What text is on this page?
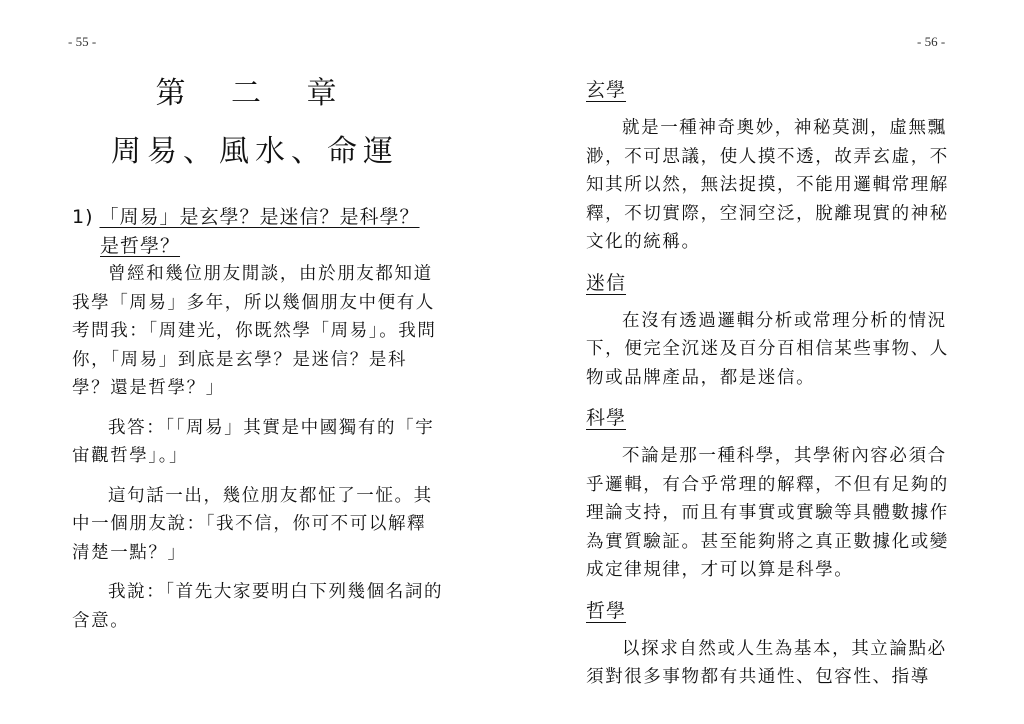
- 55 -
第 二 章
周易、風水、命運
1) 「周易」是玄學？是迷信？是科學？
是哲學？

曾經和幾位朋友閒談，由於朋友都知道我學「周易」多年，所以幾個朋友中便有人考問我：「周建光，你既然學「周易」。我問你，「周易」到底是玄學？是迷信？是科學？還是哲學？」

我答：「「周易」其實是中國獨有的「宇宙觀哲學」。」

這句話一出，幾位朋友都怔了一怔。其中一個朋友說：「我不信，你可不可以解釋清楚一點？」

我說：「首先大家要明白下列幾個名詞的含意。

- 56 -
玄學

就是一種神奇奧妙，神秘莫測，虛無飄渺，不可思議，使人摸不透，故弄玄虛，不知其所以然，無法捉摸，不能用邏輯常理解釋，不切實際，空洞空泛，脫離現實的神秘文化的統稱。

迷信

在沒有透過邏輯分析或常理分析的情況下，便完全沉迷及百分百相信某些事物、人物或品牌產品，都是迷信。

科學

不論是那一種科學，其學術內容必須合乎邏輯，有合乎常理的解釋，不但有足夠的理論支持，而且有事實或實驗等具體數據作為實質驗証。甚至能夠將之真正數據化或變成定律規律，才可以算是科學。

哲學

以探求自然或人生為基本，其立論點必須對很多事物都有共通性、包容性、指導
